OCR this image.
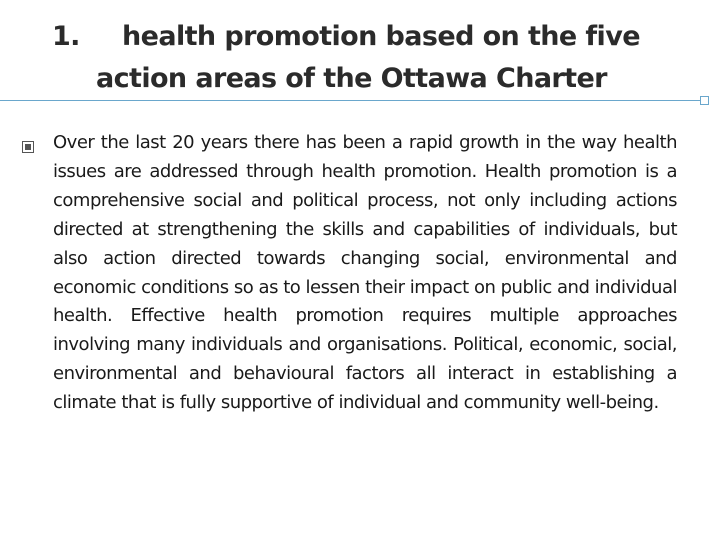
1. health promotion based on the five
action areas of the Ottawa Charter
Over the last 20 years there has been a rapid growth in the way health issues are addressed through health promotion. Health promotion is a comprehensive social and political process, not only including actions directed at strengthening the skills and capabilities of individuals, but also action directed towards changing social, environmental and economic conditions so as to lessen their impact on public and individual health. Effective health promotion requires multiple approaches involving many individuals and organisations. Political, economic, social, environmental and behavioural factors all interact in establishing a climate that is fully supportive of individual and community well-being.
